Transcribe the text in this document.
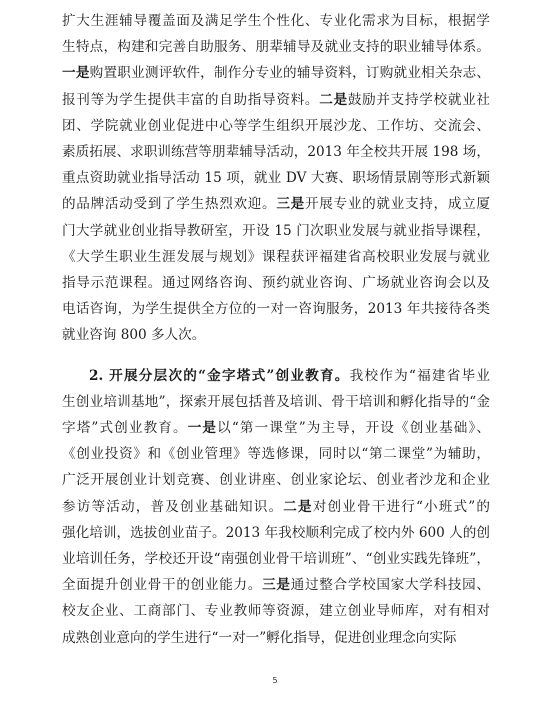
扩大生涯辅导覆盖面及满足学生个性化、专业化需求为目标，根据学
生特点，构建和完善自助服务、朋辈辅导及就业支持的职业辅导体系。
一是购置职业测评软件，制作分专业的辅导资料，订购就业相关杂志、
报刊等为学生提供丰富的自助指导资料。二是鼓励并支持学校就业社
团、学院就业创业促进中心等学生组织开展沙龙、工作坊、交流会、
素质拓展、求职训练营等朋辈辅导活动，2013 年全校共开展 198 场，
重点资助就业指导活动 15 项，就业 DV 大赛、职场情景剧等形式新颖
的品牌活动受到了学生热烈欢迎。三是开展专业的就业支持，成立厦
门大学就业创业指导教研室，开设 15 门次职业发展与就业指导课程，
《大学生职业生涯发展与规划》课程获评福建省高校职业发展与就业
指导示范课程。通过网络咨询、预约就业咨询、广场就业咨询会以及
电话咨询，为学生提供全方位的一对一咨询服务，2013 年共接待各类
就业咨询 800 多人次。
2. 开展分层次的“金字塔式”创业教育。我校作为“福建省毕业
生创业培训基地”，探索开展包括普及培训、骨干培训和孵化指导的“金
字塔”式创业教育。一是以“第一课堂”为主导，开设《创业基础》、
《创业投资》和《创业管理》等选修课，同时以“第二课堂”为辅助，
广泛开展创业计划竞赛、创业讲座、创业家论坛、创业者沙龙和企业
参访等活动，普及创业基础知识。二是对创业骨干进行“小班式”的
强化培训，选拔创业苗子。2013 年我校顺利完成了校内外 600 人的创
业培训任务，学校还开设“南强创业骨干培训班”、“创业实践先锋班”，
全面提升创业骨干的创业能力。三是通过整合学校国家大学科技园、
校友企业、工商部门、专业教师等资源，建立创业导师库，对有相对
成熟创业意向的学生进行“一对一”孵化指导，促进创业理念向实际
5
